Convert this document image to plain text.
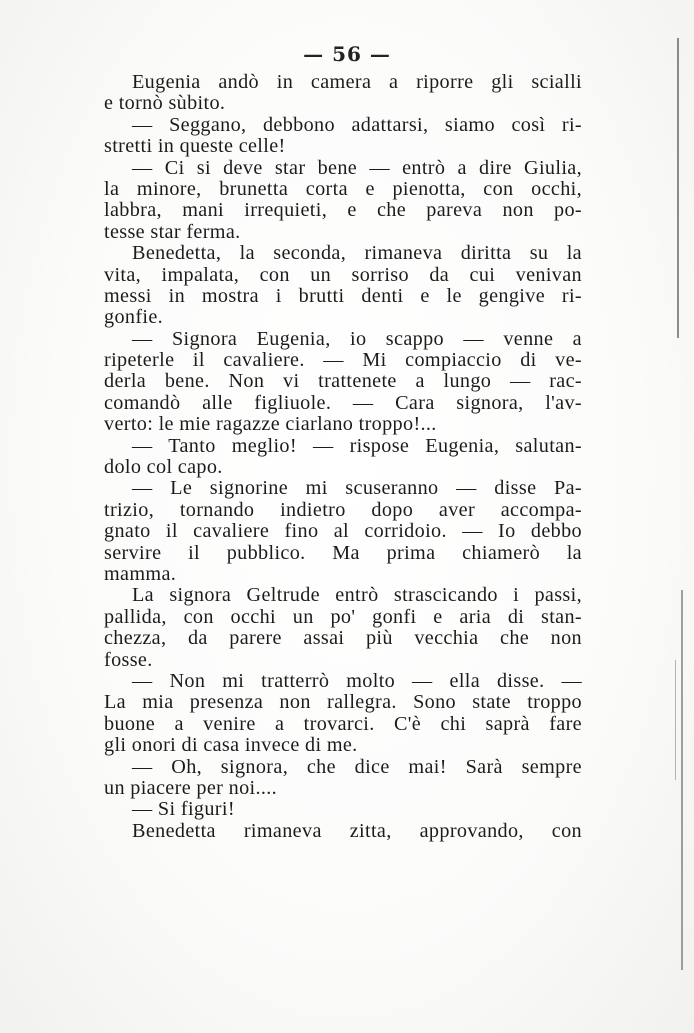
— 56 —
Eugenia andò in camera a riporre gli scialli
e tornò sùbito.
— Seggano, debbono adattarsi, siamo così ri-
stretti in queste celle!
— Ci si deve star bene — entrò a dire Giulia,
la minore, brunetta corta e pienotta, con occhi,
labbra, mani irrequieti, e che pareva non po-
tesse star ferma.
Benedetta, la seconda, rimaneva diritta su la
vita, impalata, con un sorriso da cui venivan
messi in mostra i brutti denti e le gengive ri-
gonfie.
— Signora Eugenia, io scappo — venne a
ripeterle il cavaliere. — Mi compiaccio di ve-
derla bene. Non vi trattenete a lungo — rac-
comandò alle figliuole. — Cara signora, l'av-
verto: le mie ragazze ciarlano troppo!...
— Tanto meglio! — rispose Eugenia, salutan-
dolo col capo.
— Le signorine mi scuseranno — disse Pa-
trizio, tornando indietro dopo aver accompa-
gnato il cavaliere fino al corridoio. — Io debbo
servire il pubblico. Ma prima chiamerò la
mamma.
La signora Geltrude entrò strascicando i passi,
pallida, con occhi un po' gonfi e aria di stan-
chezza, da parere assai più vecchia che non
fosse.
— Non mi tratterrò molto — ella disse. —
La mia presenza non rallegra. Sono state troppo
buone a venire a trovarci. C'è chi saprà fare
gli onori di casa invece di me.
— Oh, signora, che dice mai! Sarà sempre
un piacere per noi....
— Si figuri!
Benedetta rimaneva zitta, approvando, con
